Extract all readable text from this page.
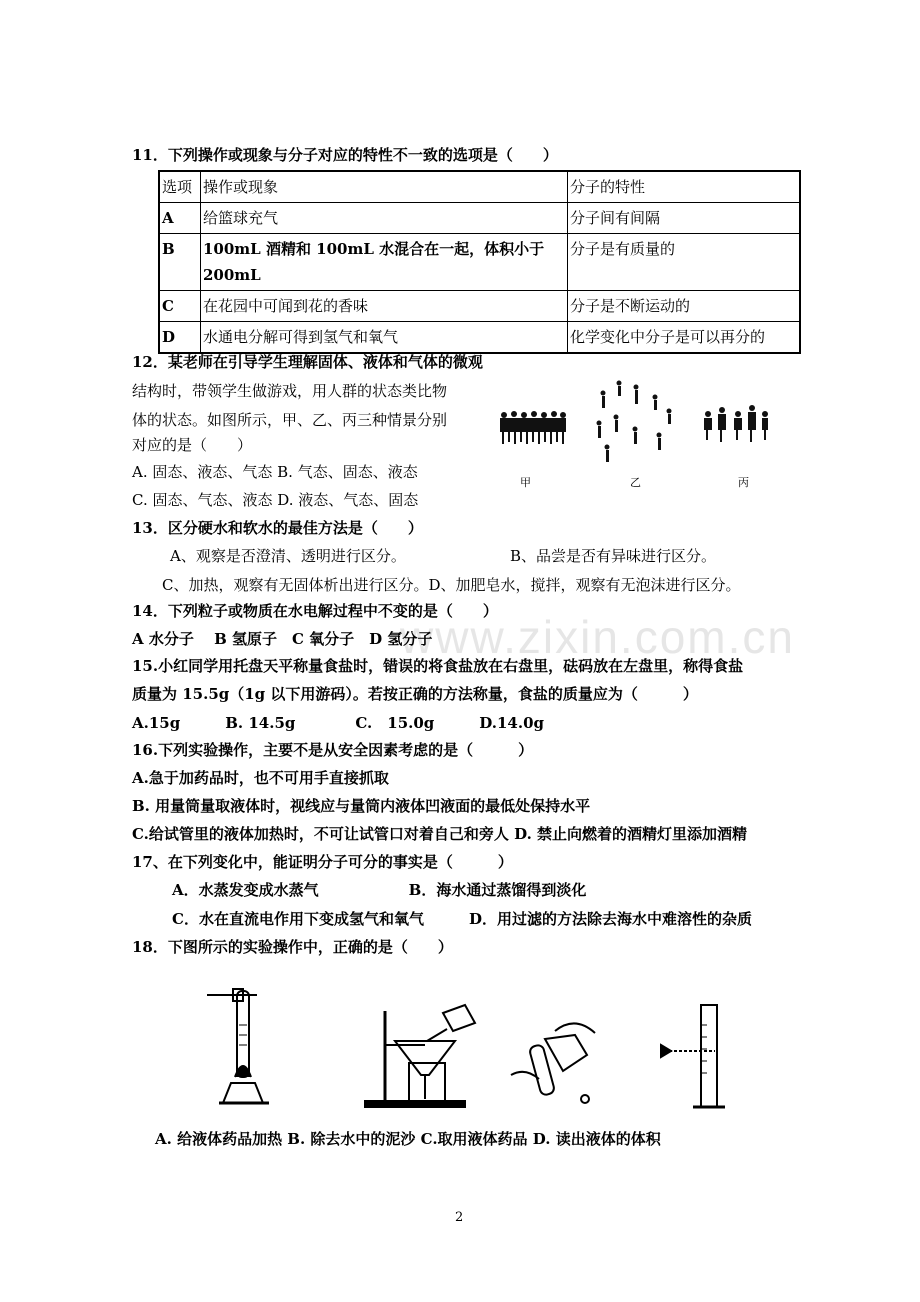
www.zixin.com.cn
11．下列操作或现象与分子对应的特性不一致的选项是（　　）
选项	操作或现象	分子的特性
A	给篮球充气	分子间有间隔
B	100mL 酒精和 100mL 水混合在一起，体积小于 200mL	分子是有质量的
C	在花园中可闻到花的香味	分子是不断运动的
D	水通电分解可得到氢气和氧气	化学变化中分子是可以再分的
12．某老师在引导学生理解固体、液体和气体的微观
结构时，带领学生做游戏，用人群的状态类比物
体的状态。如图所示，甲、乙、丙三种情景分别
对应的是（　　）
A. 固态、液态、气态 B. 气态、固态、液态
C. 固态、气态、液态 D. 液态、气态、固态
甲	乙	丙
13．区分硬水和软水的最佳方法是（　　）
A、观察是否澄清、透明进行区分。	B、品尝是否有异味进行区分。
C、加热，观察有无固体析出进行区分。D、加肥皂水，搅拌，观察有无泡沫进行区分。
14．下列粒子或物质在水电解过程中不变的是（　　）
A 水分子　 B 氢原子　C 氧分子　D 氢分子
15.小红同学用托盘天平称量食盐时，错误的将食盐放在右盘里，砝码放在左盘里，称得食盐
质量为 15.5g（1g 以下用游码）。若按正确的方法称量，食盐的质量应为（　　　）
A.15g　　　B. 14.5g　　　　C.　15.0g　　　D.14.0g
16.下列实验操作，主要不是从安全因素考虑的是（　　　）
A.急于加药品时，也不可用手直接抓取
B. 用量筒量取液体时，视线应与量筒内液体凹液面的最低处保持水平
C.给试管里的液体加热时，不可让试管口对着自己和旁人 D. 禁止向燃着的酒精灯里添加酒精
17、在下列变化中，能证明分子可分的事实是（　　　）
A．水蒸发变成水蒸气　　　　　　B．海水通过蒸馏得到淡化
C．水在直流电作用下变成氢气和氧气　　　D．用过滤的方法除去海水中难溶性的杂质
18．下图所示的实验操作中，正确的是（　　）
A. 给液体药品加热 B. 除去水中的泥沙 C.取用液体药品 D. 读出液体的体积
2
